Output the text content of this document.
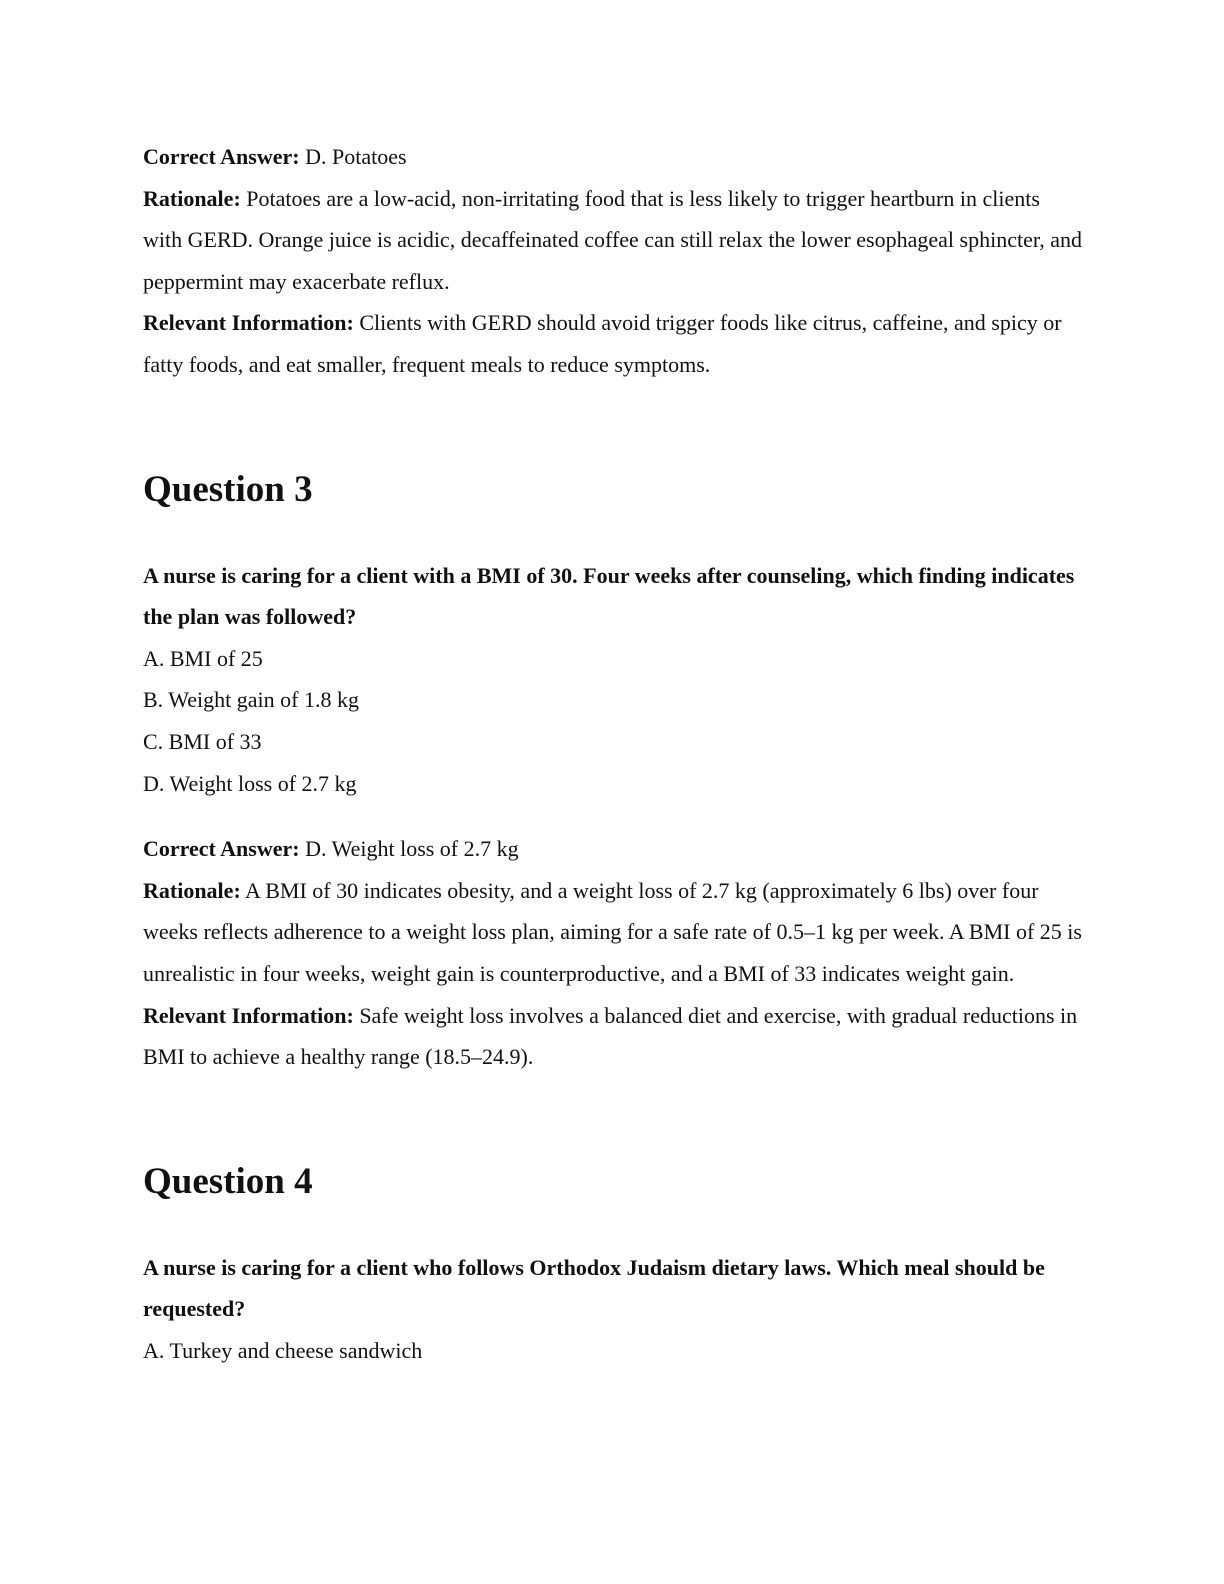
Correct Answer: D. Potatoes

Rationale: Potatoes are a low-acid, non-irritating food that is less likely to trigger heartburn in clients with GERD. Orange juice is acidic, decaffeinated coffee can still relax the lower esophageal sphincter, and peppermint may exacerbate reflux.

Relevant Information: Clients with GERD should avoid trigger foods like citrus, caffeine, and spicy or fatty foods, and eat smaller, frequent meals to reduce symptoms.

Question 3

A nurse is caring for a client with a BMI of 30. Four weeks after counseling, which finding indicates the plan was followed?

A. BMI of 25

B. Weight gain of 1.8 kg

C. BMI of 33

D. Weight loss of 2.7 kg

Correct Answer: D. Weight loss of 2.7 kg

Rationale: A BMI of 30 indicates obesity, and a weight loss of 2.7 kg (approximately 6 lbs) over four weeks reflects adherence to a weight loss plan, aiming for a safe rate of 0.5–1 kg per week. A BMI of 25 is unrealistic in four weeks, weight gain is counterproductive, and a BMI of 33 indicates weight gain.

Relevant Information: Safe weight loss involves a balanced diet and exercise, with gradual reductions in BMI to achieve a healthy range (18.5–24.9).

Question 4

A nurse is caring for a client who follows Orthodox Judaism dietary laws. Which meal should be requested?

A. Turkey and cheese sandwich
